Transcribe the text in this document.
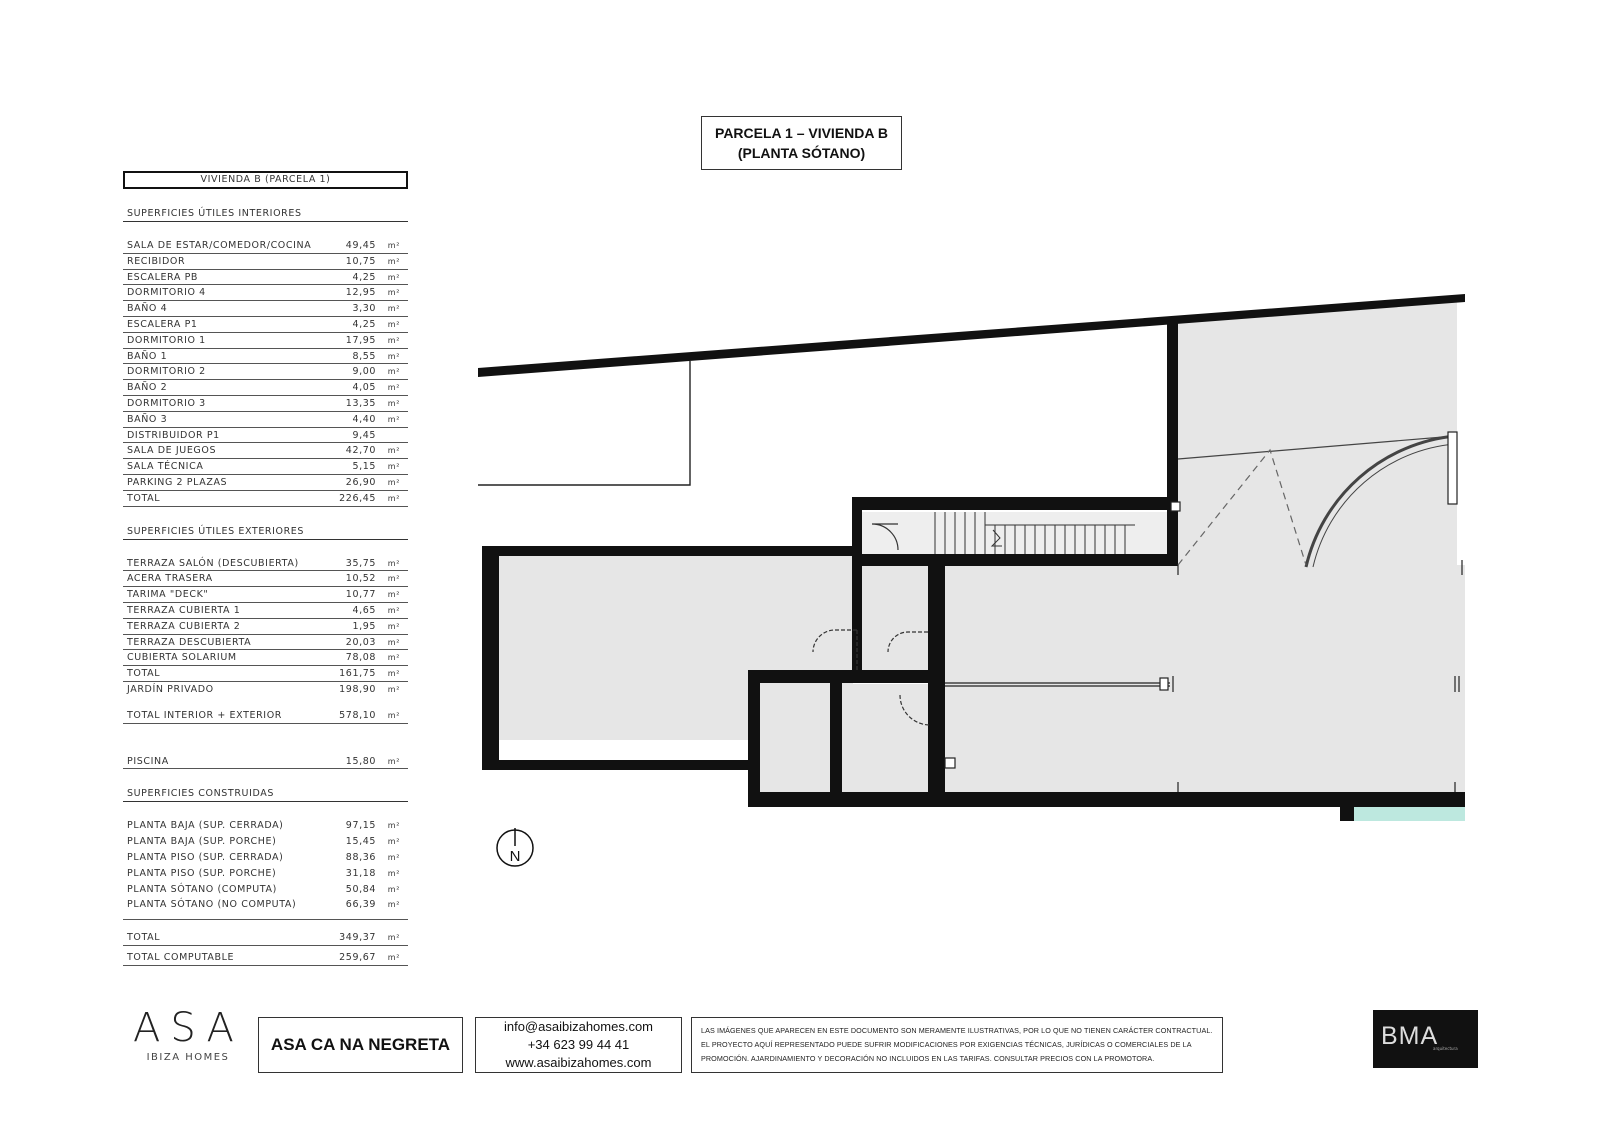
PARCELA 1 – VIVIENDA B
(PLANTA SÓTANO)
VIVIENDA B (PARCELA 1)
SUPERFICIES ÚTILES INTERIORES
SALA DE ESTAR/COMEDOR/COCINA	49,45 m²
RECIBIDOR	10,75 m²
ESCALERA PB	4,25 m²
DORMITORIO 4	12,95 m²
BAÑO 4	3,30 m²
ESCALERA P1	4,25 m²
DORMITORIO 1	17,95 m²
BAÑO 1	8,55 m²
DORMITORIO 2	9,00 m²
BAÑO 2	4,05 m²
DORMITORIO 3	13,35 m²
BAÑO 3	4,40 m²
DISTRIBUIDOR P1	9,45
SALA DE JUEGOS	42,70 m²
SALA TÉCNICA	5,15 m²
PARKING 2 PLAZAS	26,90 m²
TOTAL	226,45 m²
SUPERFICIES ÚTILES EXTERIORES
TERRAZA SALÓN (DESCUBIERTA)	35,75 m²
ACERA TRASERA	10,52 m²
TARIMA "DECK"	10,77 m²
TERRAZA CUBIERTA 1	4,65 m²
TERRAZA CUBIERTA 2	1,95 m²
TERRAZA DESCUBIERTA	20,03 m²
CUBIERTA SOLARIUM	78,08 m²
TOTAL	161,75 m²
JARDÍN PRIVADO	198,90 m²
TOTAL INTERIOR + EXTERIOR	578,10 m²
PISCINA	15,80 m²
SUPERFICIES CONSTRUIDAS
PLANTA BAJA (SUP. CERRADA)	97,15 m²
PLANTA BAJA (SUP. PORCHE)	15,45 m²
PLANTA PISO (SUP. CERRADA)	88,36 m²
PLANTA PISO (SUP. PORCHE)	31,18 m²
PLANTA SÓTANO (COMPUTA)	50,84 m²
PLANTA SÓTANO (NO COMPUTA)	66,39 m²
TOTAL	349,37 m²
TOTAL COMPUTABLE	259,67 m²
N
ASA
IBIZA HOMES
ASA CA NA NEGRETA
info@asaibizahomes.com
+34 623 99 44 41
www.asaibizahomes.com
LAS IMÁGENES QUE APARECEN EN ESTE DOCUMENTO SON MERAMENTE ILUSTRATIVAS, POR LO QUE NO TIENEN CARÁCTER CONTRACTUAL. EL PROYECTO AQUÍ REPRESENTADO PUEDE SUFRIR MODIFICACIONES POR EXIGENCIAS TÉCNICAS, JURÍDICAS O COMERCIALES DE LA PROMOCIÓN. AJARDINAMIENTO Y DECORACIÓN NO INCLUIDOS EN LAS TARIFAS. CONSULTAR PRECIOS CON LA PROMOTORA.
BMA
arquitectura
